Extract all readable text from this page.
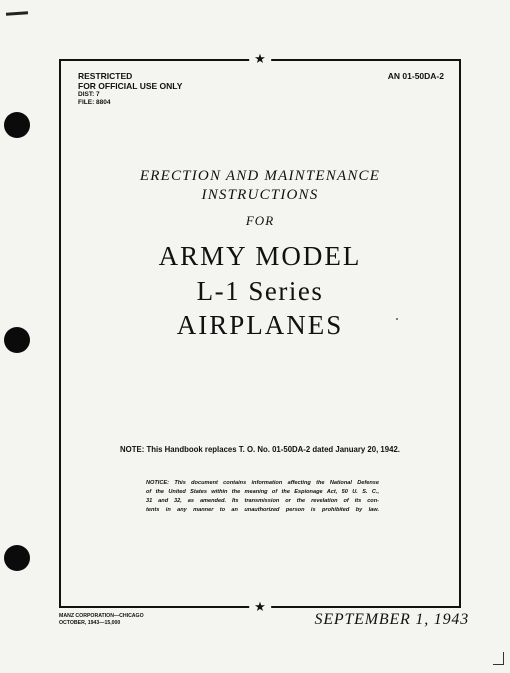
★
RESTRICTED
FOR OFFICIAL USE ONLY
DIST: 7
FILE: 8804
AN 01-50DA-2
ERECTION AND MAINTENANCE
INSTRUCTIONS
FOR
ARMY MODEL
L-1 Series
AIRPLANES
NOTE: This Handbook replaces T. O. No. 01-50DA-2 dated January 20, 1942.
NOTICE: This document contains information affecting the National Defense
of the United States within the meaning of the Espionage Act, 50 U. S. C.,
31 and 32, as amended. Its transmission or the revelation of its con-
tents in any manner to an unauthorized person is prohibited by law.
★
MANZ CORPORATION—CHICAGO
OCTOBER, 1943—15,000	SEPTEMBER 1, 1943
